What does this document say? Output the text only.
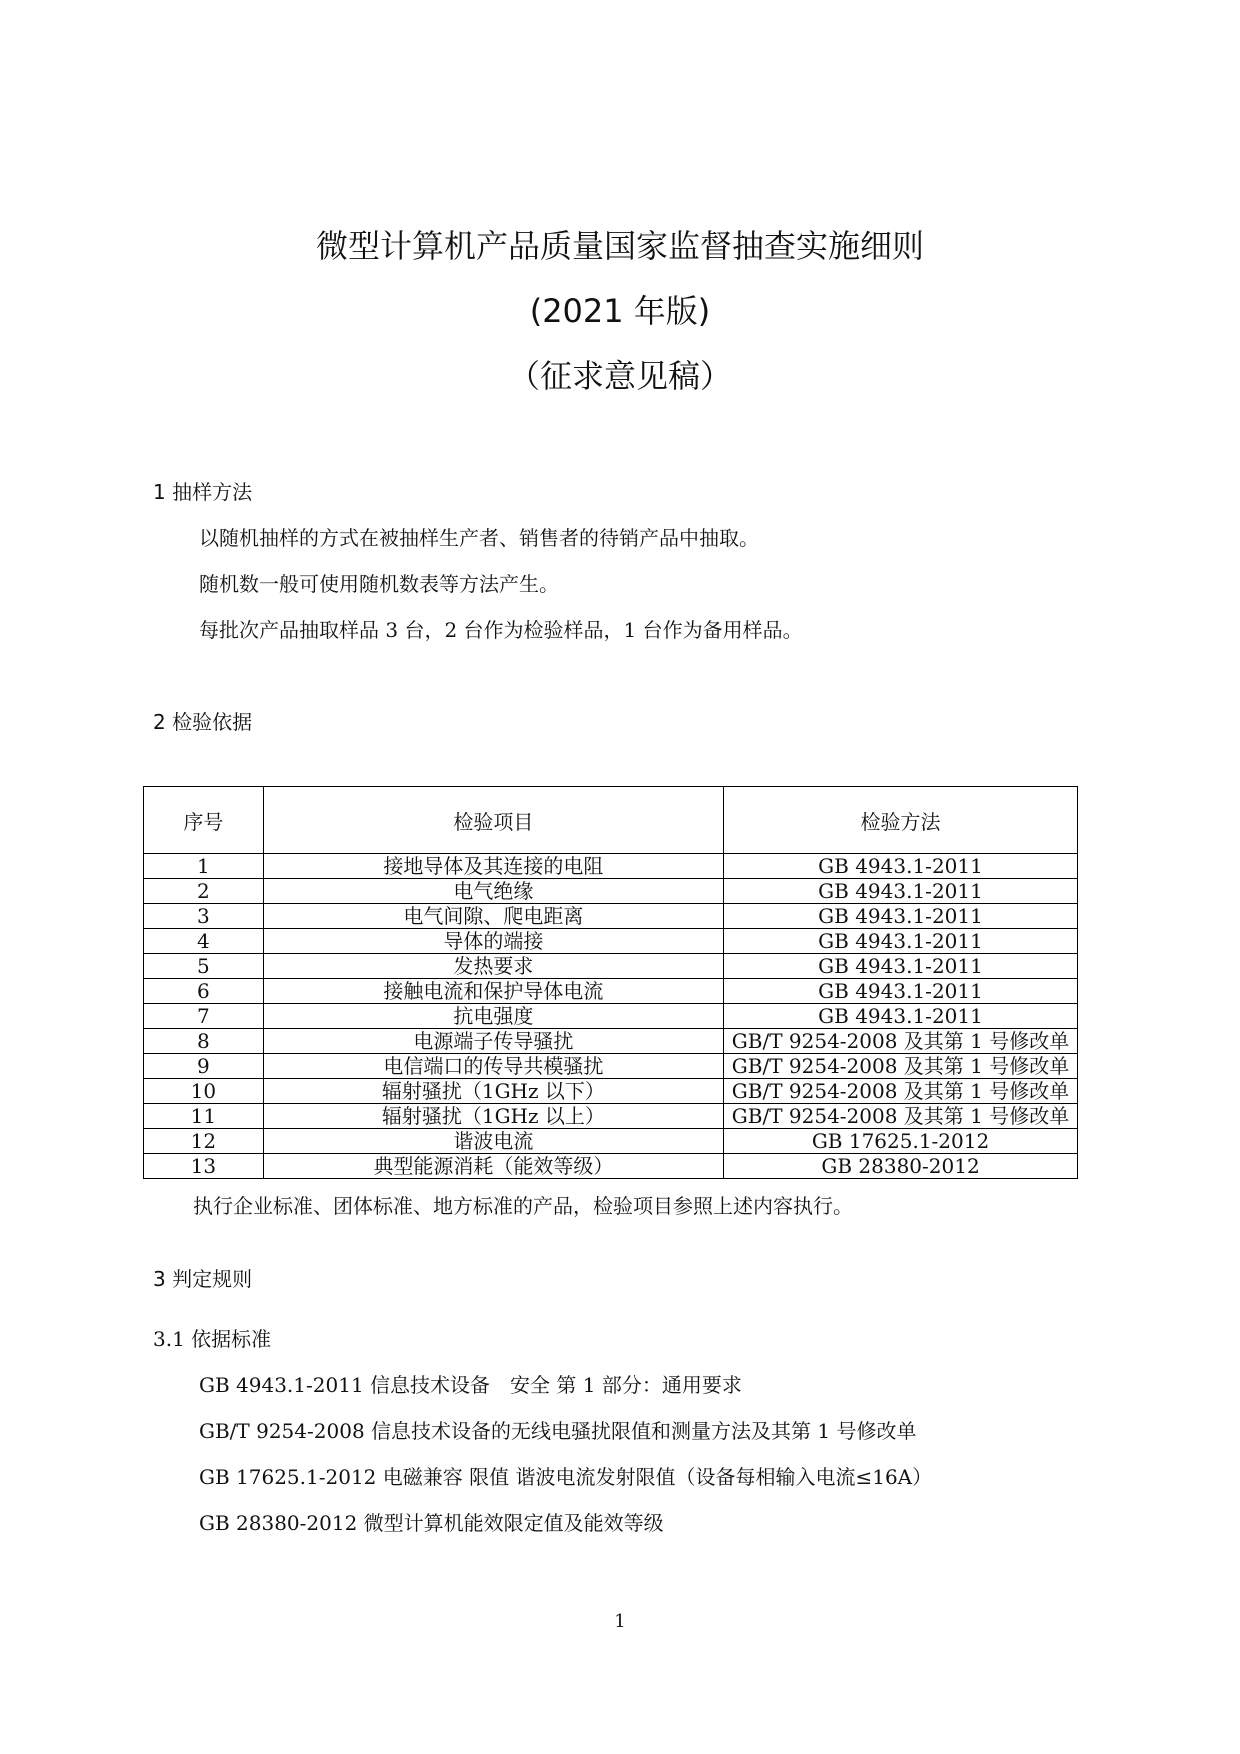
微型计算机产品质量国家监督抽查实施细则
(2021 年版)
（征求意见稿）
1 抽样方法
以随机抽样的方式在被抽样生产者、销售者的待销产品中抽取。
随机数一般可使用随机数表等方法产生。
每批次产品抽取样品 3 台，2 台作为检验样品，1 台作为备用样品。
2 检验依据
序号	检验项目	检验方法
1	接地导体及其连接的电阻	GB 4943.1-2011
2	电气绝缘	GB 4943.1-2011
3	电气间隙、爬电距离	GB 4943.1-2011
4	导体的端接	GB 4943.1-2011
5	发热要求	GB 4943.1-2011
6	接触电流和保护导体电流	GB 4943.1-2011
7	抗电强度	GB 4943.1-2011
8	电源端子传导骚扰	GB/T 9254-2008 及其第 1 号修改单
9	电信端口的传导共模骚扰	GB/T 9254-2008 及其第 1 号修改单
10	辐射骚扰（1GHz 以下）	GB/T 9254-2008 及其第 1 号修改单
11	辐射骚扰（1GHz 以上）	GB/T 9254-2008 及其第 1 号修改单
12	谐波电流	GB 17625.1-2012
13	典型能源消耗（能效等级）	GB 28380-2012
执行企业标准、团体标准、地方标准的产品，检验项目参照上述内容执行。
3 判定规则
3.1 依据标准
GB 4943.1-2011 信息技术设备　安全 第 1 部分：通用要求
GB/T 9254-2008 信息技术设备的无线电骚扰限值和测量方法及其第 1 号修改单
GB 17625.1-2012 电磁兼容 限值 谐波电流发射限值（设备每相输入电流≤16A）
GB 28380-2012 微型计算机能效限定值及能效等级
1
